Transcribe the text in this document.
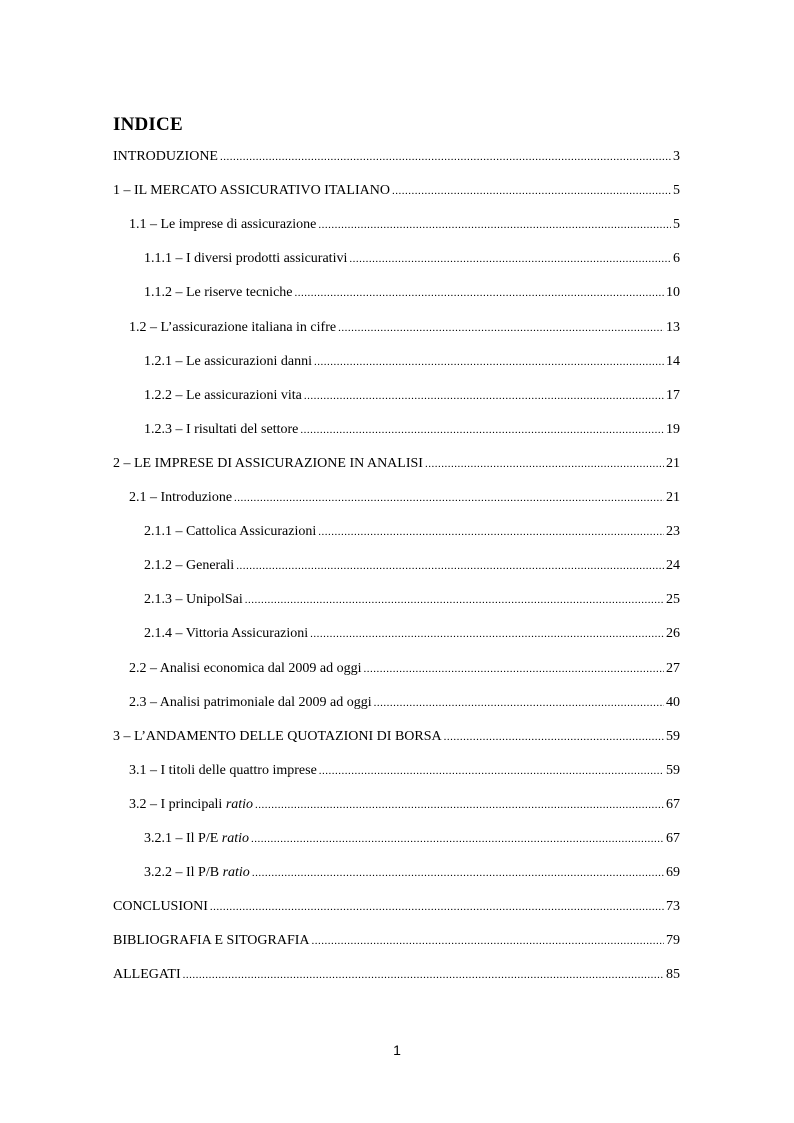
INDICE
INTRODUZIONE .....	3
1 – IL MERCATO ASSICURATIVO ITALIANO .....	5
1.1 – Le imprese di assicurazione .....	5
1.1.1 – I diversi prodotti assicurativi .....	6
1.1.2 – Le riserve tecniche .....	10
1.2 – L’assicurazione italiana in cifre .....	13
1.2.1 – Le assicurazioni danni .....	14
1.2.2 – Le assicurazioni vita .....	17
1.2.3 – I risultati del settore .....	19
2 – LE IMPRESE DI ASSICURAZIONE IN ANALISI .....	21
2.1 – Introduzione .....	21
2.1.1 – Cattolica Assicurazioni .....	23
2.1.2 – Generali .....	24
2.1.3 – UnipolSai .....	25
2.1.4 – Vittoria Assicurazioni .....	26
2.2 – Analisi economica dal 2009 ad oggi .....	27
2.3 – Analisi patrimoniale dal 2009 ad oggi .....	40
3 – L’ANDAMENTO DELLE QUOTAZIONI DI BORSA .....	59
3.1 – I titoli delle quattro imprese .....	59
3.2 – I principali ratio .....	67
3.2.1 – Il P/E ratio .....	67
3.2.2 – Il P/B ratio .....	69
CONCLUSIONI .....	73
BIBLIOGRAFIA E SITOGRAFIA .....	79
ALLEGATI .....	85
1
